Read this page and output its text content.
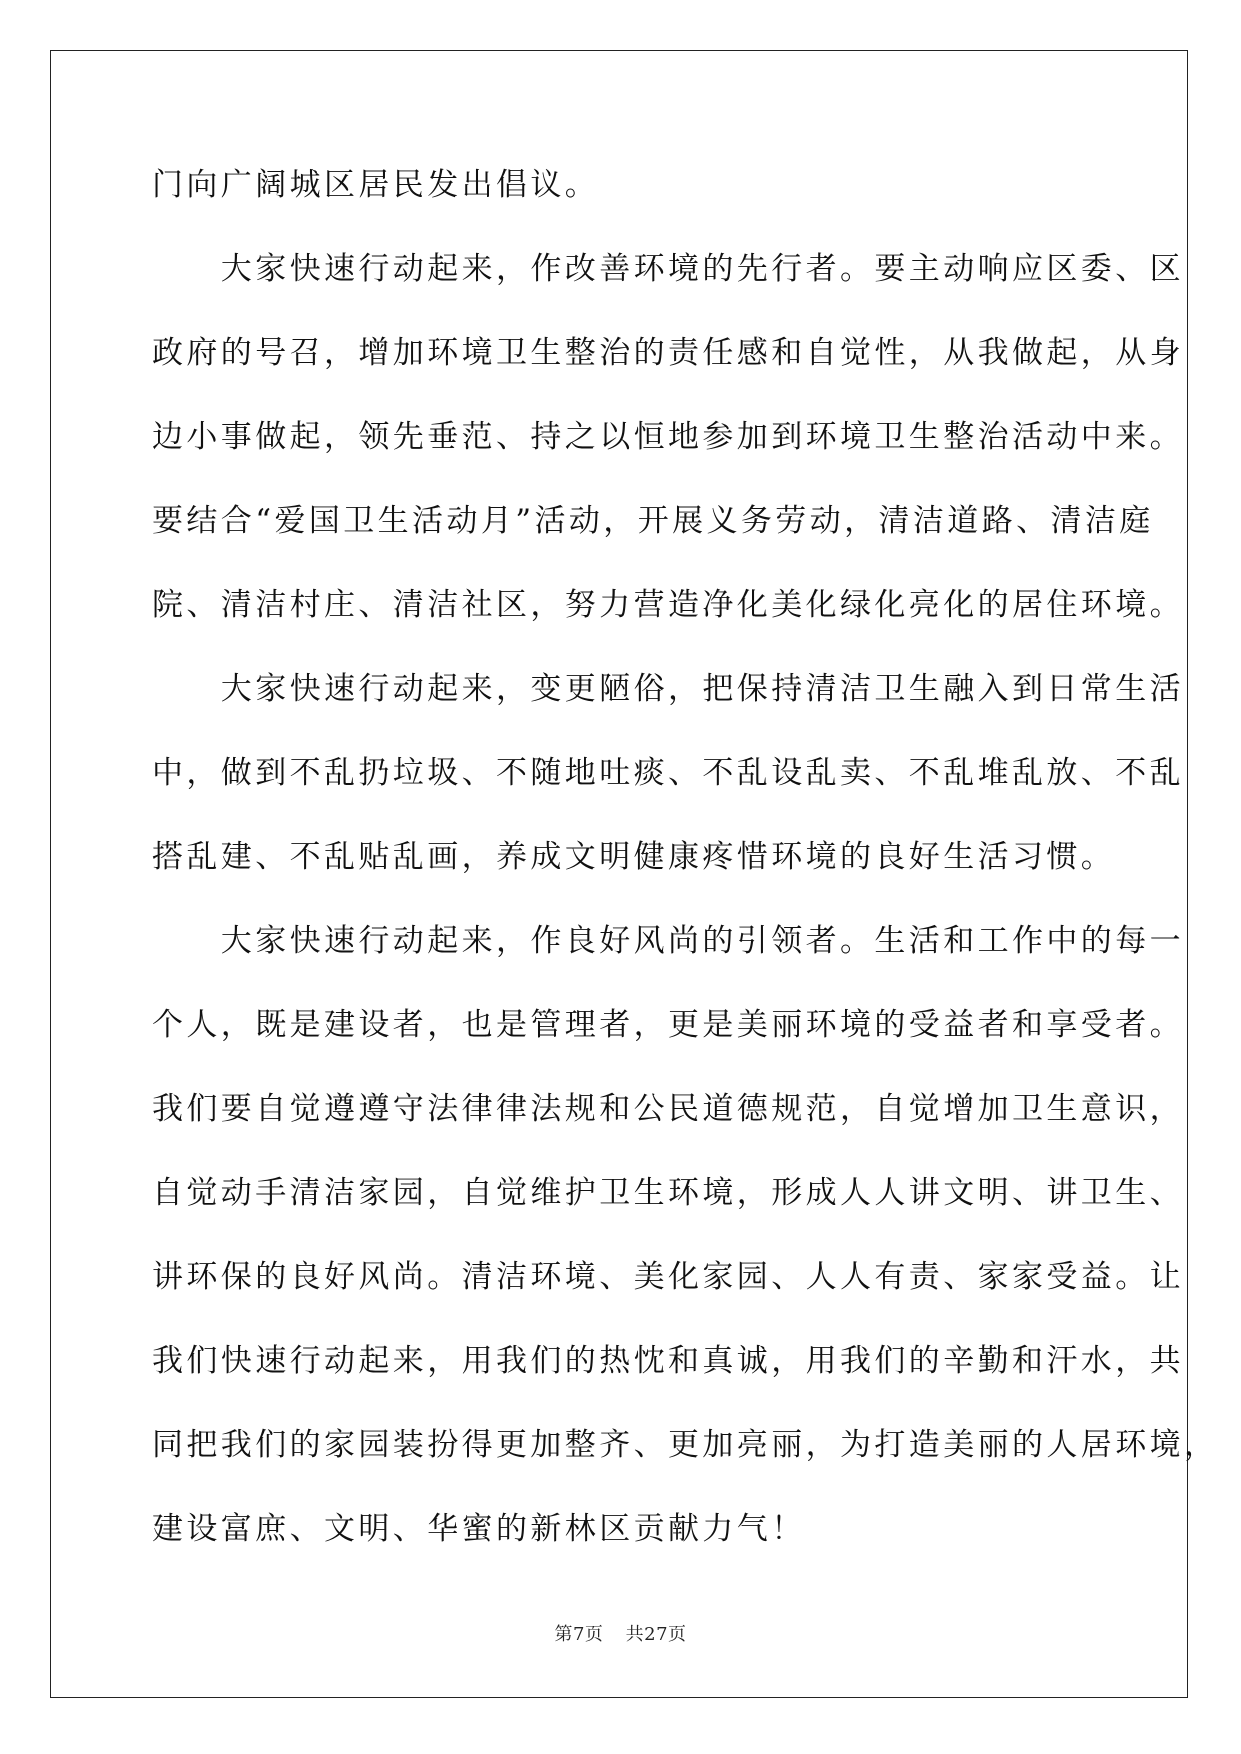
门向广阔城区居民发出倡议。
　　大家快速行动起来，作改善环境的先行者。要主动响应区委、区
政府的号召，增加环境卫生整治的责任感和自觉性，从我做起，从身
边小事做起，领先垂范、持之以恒地参加到环境卫生整治活动中来。
要结合“爱国卫生活动月”活动，开展义务劳动，清洁道路、清洁庭
院、清洁村庄、清洁社区，努力营造净化美化绿化亮化的居住环境。
　　大家快速行动起来，变更陋俗，把保持清洁卫生融入到日常生活
中，做到不乱扔垃圾、不随地吐痰、不乱设乱卖、不乱堆乱放、不乱
搭乱建、不乱贴乱画，养成文明健康疼惜环境的良好生活习惯。
　　大家快速行动起来，作良好风尚的引领者。生活和工作中的每一
个人，既是建设者，也是管理者，更是美丽环境的受益者和享受者。
我们要自觉遵遵守法律律法规和公民道德规范，自觉增加卫生意识，
自觉动手清洁家园，自觉维护卫生环境，形成人人讲文明、讲卫生、
讲环保的良好风尚。清洁环境、美化家园、人人有责、家家受益。让
我们快速行动起来，用我们的热忱和真诚，用我们的辛勤和汗水，共
同把我们的家园装扮得更加整齐、更加亮丽，为打造美丽的人居环境，
建设富庶、文明、华蜜的新林区贡献力气！
第7页 共27页
